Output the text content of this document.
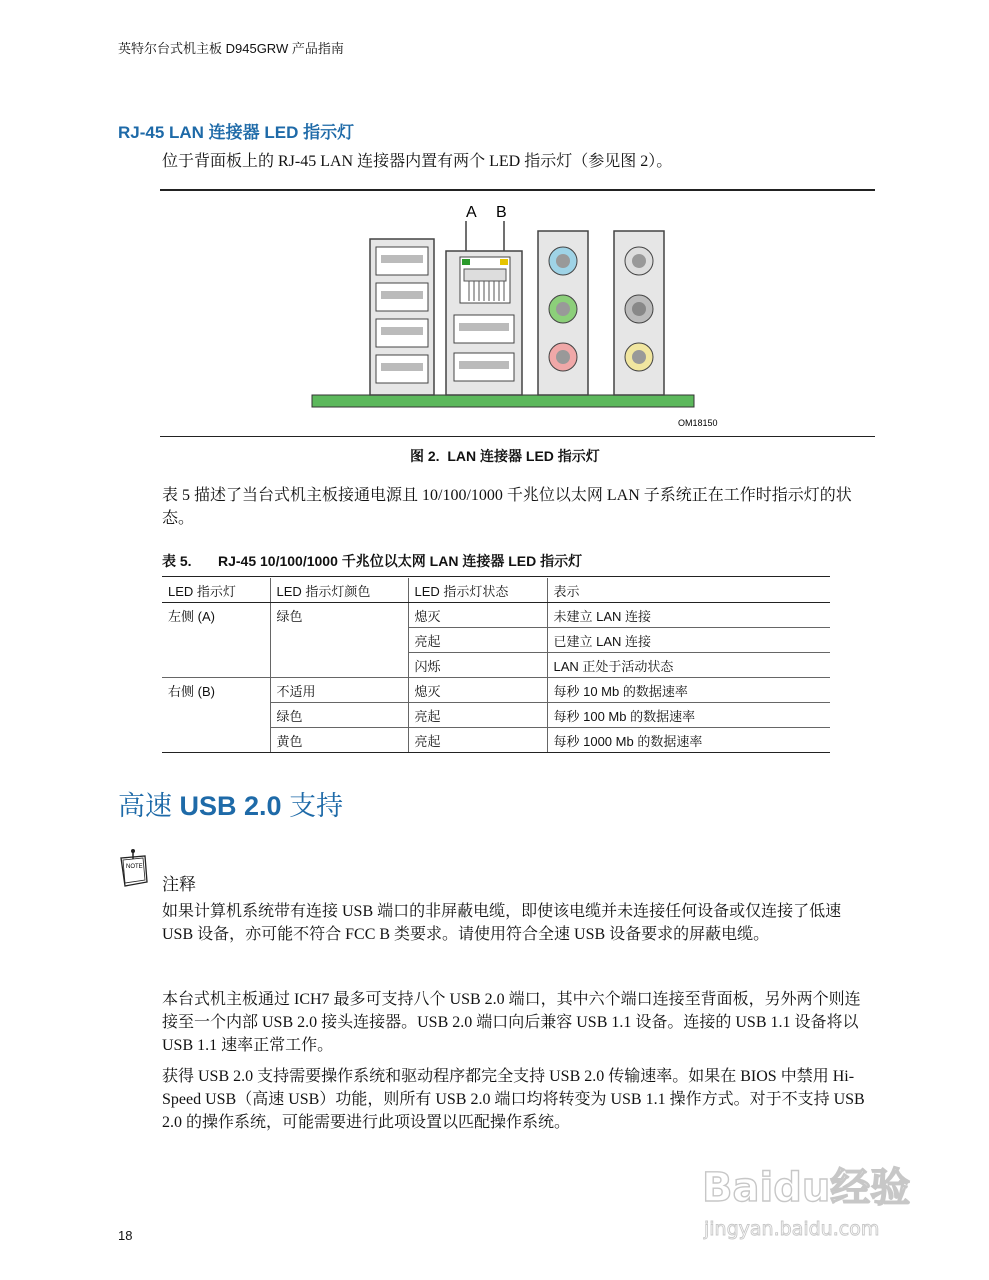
英特尔台式机主板 D945GRW 产品指南
RJ-45 LAN 连接器 LED 指示灯
位于背面板上的 RJ-45 LAN 连接器内置有两个 LED 指示灯（参见图 2）。
A B
OM18150
图 2. LAN 连接器 LED 指示灯
表 5 描述了当台式机主板接通电源且 10/100/1000 千兆位以太网 LAN 子系统正在工作时指示灯的状态。
表 5. RJ-45 10/100/1000 千兆位以太网 LAN 连接器 LED 指示灯
LED 指示灯	LED 指示灯颜色	LED 指示灯状态	表示
左侧 (A)	绿色	熄灭	未建立 LAN 连接
		亮起	已建立 LAN 连接
		闪烁	LAN 正处于活动状态
右侧 (B)	不适用	熄灭	每秒 10 Mb 的数据速率
	绿色	亮起	每秒 100 Mb 的数据速率
	黄色	亮起	每秒 1000 Mb 的数据速率
高速 USB 2.0 支持
NOTE
注释
如果计算机系统带有连接 USB 端口的非屏蔽电缆，即使该电缆并未连接任何设备或仅连接了低速 USB 设备，亦可能不符合 FCC B 类要求。请使用符合全速 USB 设备要求的屏蔽电缆。
本台式机主板通过 ICH7 最多可支持八个 USB 2.0 端口，其中六个端口连接至背面板，另外两个则连接至一个内部 USB 2.0 接头连接器。USB 2.0 端口向后兼容 USB 1.1 设备。连接的 USB 1.1 设备将以 USB 1.1 速率正常工作。
获得 USB 2.0 支持需要操作系统和驱动程序都完全支持 USB 2.0 传输速率。如果在 BIOS 中禁用 Hi-Speed USB（高速 USB）功能，则所有 USB 2.0 端口均将转变为 USB 1.1 操作方式。对于不支持 USB 2.0 的操作系统，可能需要进行此项设置以匹配操作系统。
18
Baidu经验
jingyan.baidu.com
